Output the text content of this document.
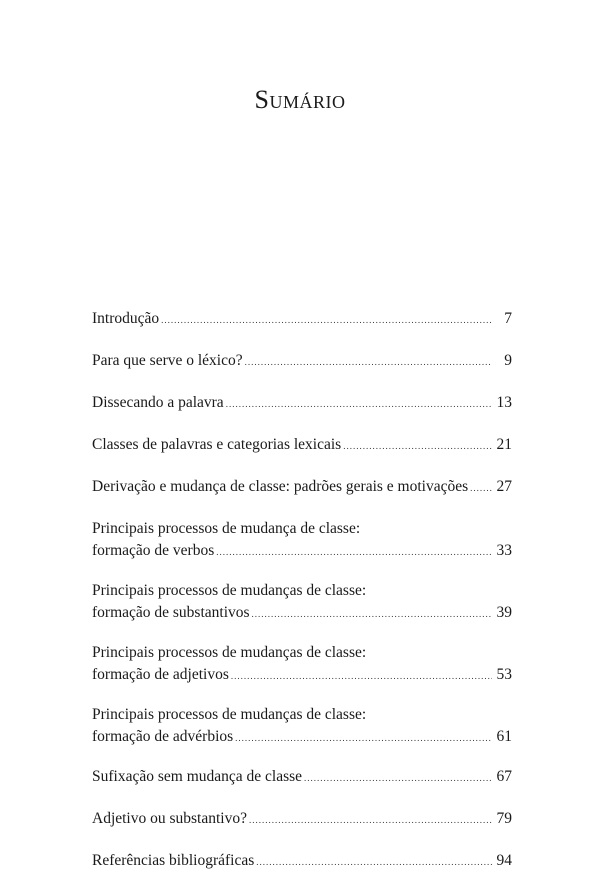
Sumário
Introdução .....	7
Para que serve o léxico? .....	9
Dissecando a palavra .....	13
Classes de palavras e categorias lexicais .....	21
Derivação e mudança de classe: padrões gerais e motivações ..... 27
Principais processos de mudança de classe:
formação de verbos .....	33
Principais processos de mudanças de classe:
formação de substantivos .....	39
Principais processos de mudanças de classe:
formação de adjetivos .....	53
Principais processos de mudanças de classe:
formação de advérbios .....	61
Sufixação sem mudança de classe .....	67
Adjetivo ou substantivo? .....	79
Referências bibliográficas .....	94
